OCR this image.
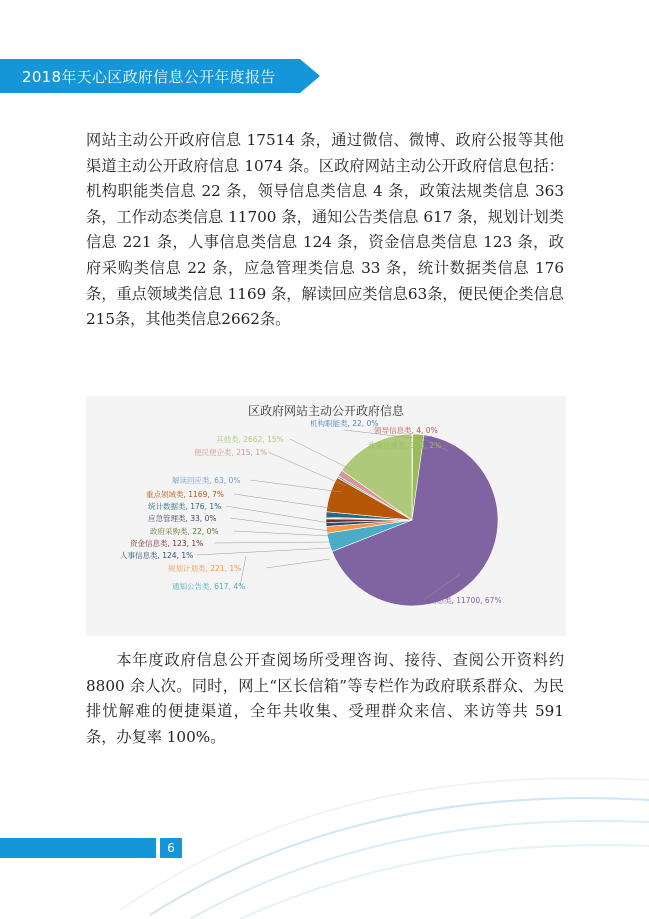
2018年天心区政府信息公开年度报告

网站主动公开政府信息 17514 条，通过微信、微博、政府公报等其他渠道主动公开政府信息 1074 条。区政府网站主动公开政府信息包括：机构职能类信息 22 条，领导信息类信息 4 条，政策法规类信息 363 条，工作动态类信息 11700 条，通知公告类信息 617 条，规划计划类信息 221 条，人事信息类信息 124 条，资金信息类信息 123 条，政府采购类信息 22 条，应急管理类信息 33 条，统计数据类信息 176 条，重点领域类信息 1169 条，解读回应类信息63条，便民便企类信息215条，其他类信息2662条。

区政府网站主动公开政府信息
机构职能类, 22, 0%
领导信息类, 4, 0%
政策法规类, 363, 2%
工作动态类, 11700, 67%
通知公告类, 617, 4%
规划计划类, 221, 1%
人事信息类, 124, 1%
资金信息类, 123, 1%
政府采购类, 22, 0%
应急管理类, 33, 0%
统计数据类, 176, 1%
重点领域类, 1169, 7%
解读回应类, 63, 0%
便民便企类, 215, 1%
其他类, 2662, 15%

本年度政府信息公开查阅场所受理咨询、接待、查阅公开资料约 8800 余人次。同时，网上“区长信箱”等专栏作为政府联系群众、为民排忧解难的便捷渠道，全年共收集、受理群众来信、来访等共 591 条，办复率 100%。

6
